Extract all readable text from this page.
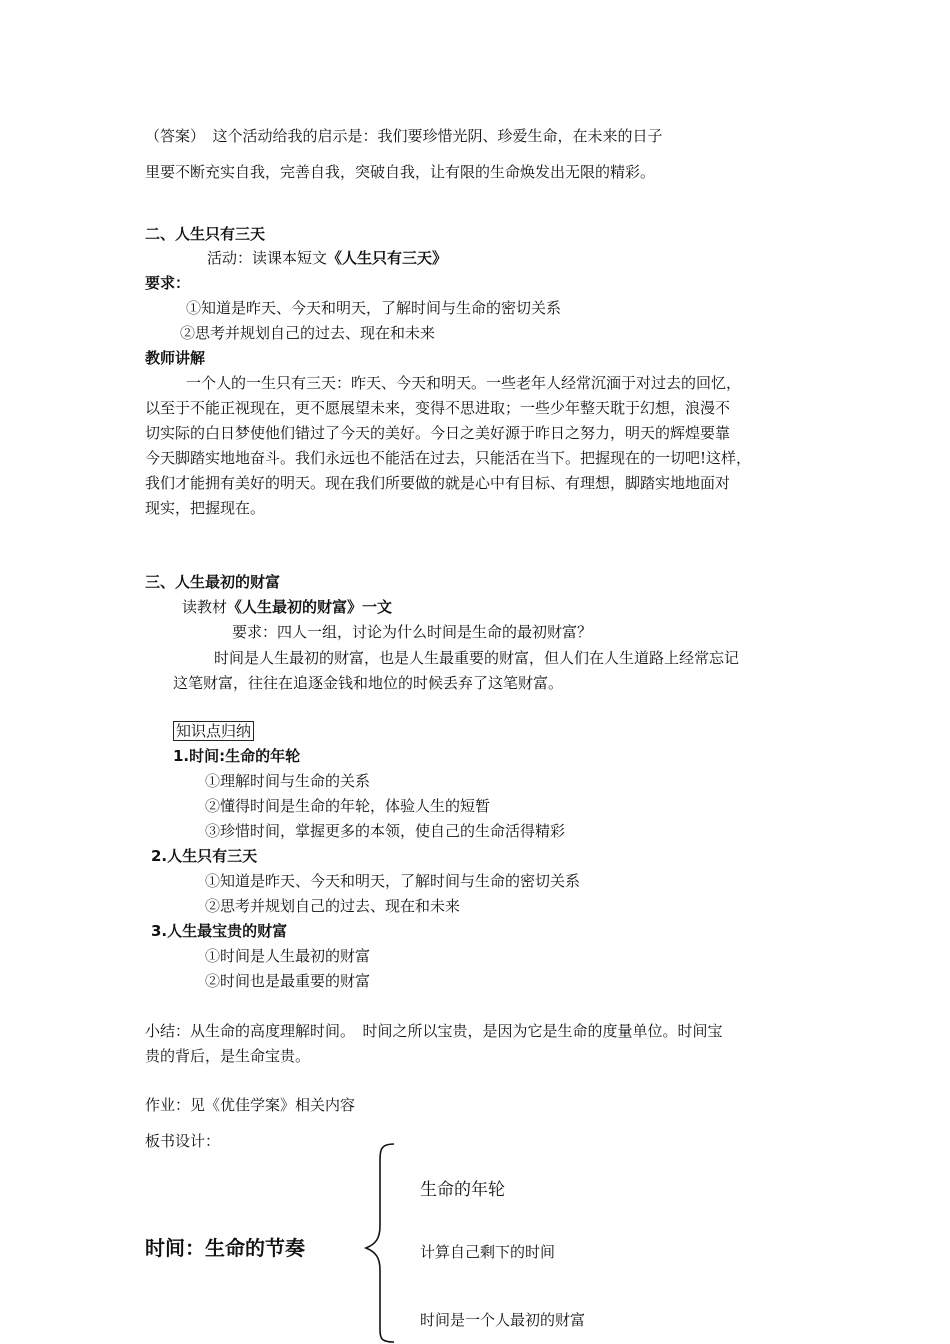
（答案）　这个活动给我的启示是：我们要珍惜光阴、珍爱生命，在未来的日子
里要不断充实自我，完善自我，突破自我，让有限的生命焕发出无限的精彩。
二、人生只有三天
活动：读课本短文《人生只有三天》
要求：
①知道是昨天、今天和明天，了解时间与生命的密切关系
②思考并规划自己的过去、现在和未来
教师讲解
一个人的一生只有三天：昨天、今天和明天。一些老年人经常沉湎于对过去的回忆，
以至于不能正视现在，更不愿展望未来，变得不思进取；一些少年整天耽于幻想，浪漫不
切实际的白日梦使他们错过了今天的美好。今日之美好源于昨日之努力，明天的辉煌要靠
今天脚踏实地地奋斗。我们永远也不能活在过去，只能活在当下。把握现在的一切吧!这样，
我们才能拥有美好的明天。现在我们所要做的就是心中有目标、有理想，脚踏实地地面对
现实，把握现在。
三、人生最初的财富
读教材《人生最初的财富》一文
要求：四人一组，讨论为什么时间是生命的最初财富？
时间是人生最初的财富，也是人生最重要的财富，但人们在人生道路上经常忘记
这笔财富，往往在追逐金钱和地位的时候丢弃了这笔财富。
知识点归纳
1.时间:生命的年轮
①理解时间与生命的关系
②懂得时间是生命的年轮，体验人生的短暂
③珍惜时间，掌握更多的本领，使自己的生命活得精彩
2.人生只有三天
①知道是昨天、今天和明天，了解时间与生命的密切关系
②思考并规划自己的过去、现在和未来
3.人生最宝贵的财富
①时间是人生最初的财富
②时间也是最重要的财富
小结：从生命的高度理解时间。　时间之所以宝贵，是因为它是生命的度量单位。时间宝
贵的背后，是生命宝贵。
作业：见《优佳学案》相关内容
板书设计：
时间：生命的节奏
生命的年轮
计算自己剩下的时间
时间是一个人最初的财富
